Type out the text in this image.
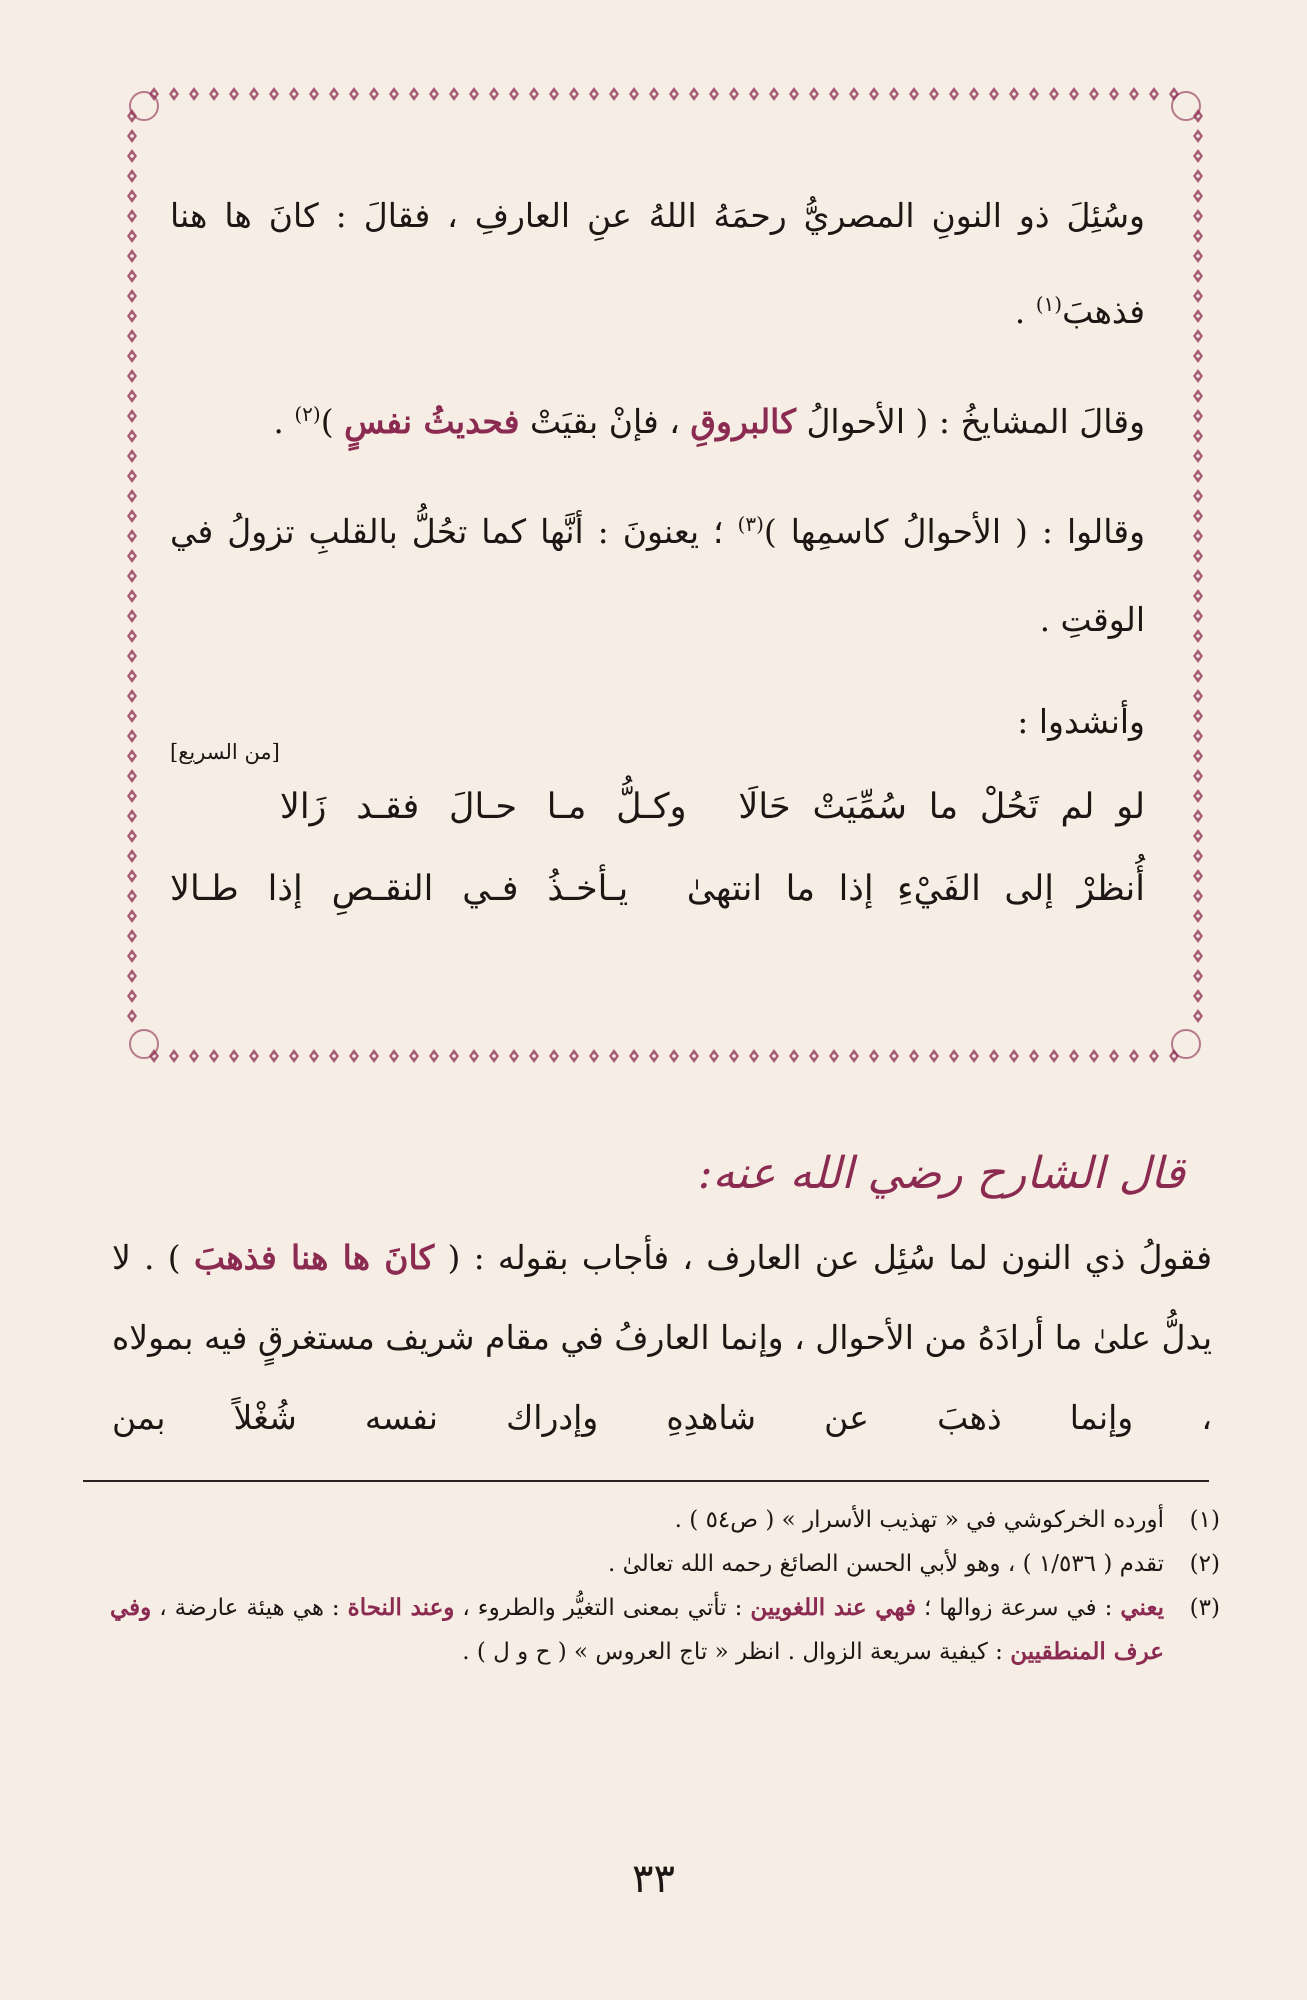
وسُئِلَ ذو النونِ المصريُّ رحمَهُ اللهُ عنِ العارفِ ، فقالَ : كانَ ها هنا فذهبَ$^{(١)}$ .

وقالَ المشايخُ : ( الأحوالُ كالبروقِ ، فإنْ بقيَتْ فحديثُ نفسٍ )$^{(٢)}$ .

وقالوا : ( الأحوالُ كاسمِها )$^{(٣)}$ ؛ يعنونَ : أنَّها كما تحُلُّ بالقلبِ تزولُ في الوقتِ .

وأنشدوا :
[من السريع]

لو لم تَحُلْ ما سُمِّيَتْ حَالَا
وكـلُّ مـا حـالَ فقـد زَالا
أُنظرْ إلى الفَيْءِ إذا ما انتهىٰ
يـأخـذُ فـي النقـصِ إذا طـالا
قال الشارح رضي الله عنه:

فقولُ ذي النون لما سُئِل عن العارف ، فأجاب بقوله : ( كانَ ها هنا فذهبَ ) . لا يدلُّ علىٰ ما أرادَهُ من الأحوال ، وإنما العارفُ في مقام شريف مستغرقٍ فيه بمولاه ، وإنما ذهبَ عن شاهدِهِ وإدراك نفسه شُغْلاً بمن

(١)
أورده الخركوشي في « تهذيب الأسرار » ( ص٥٤ ) .
(٢)
تقدم ( ١/٥٣٦ ) ، وهو لأبي الحسن الصائغ رحمه الله تعالىٰ .
(٣)
يعني : في سرعة زوالها ؛ فهي عند اللغويين : تأتي بمعنى التغيُّر والطروء ، وعند النحاة : هي هيئة عارضة ، وفي عرف المنطقيين : كيفية سريعة الزوال . انظر « تاج العروس » ( ح و ل ) .
٣٣
